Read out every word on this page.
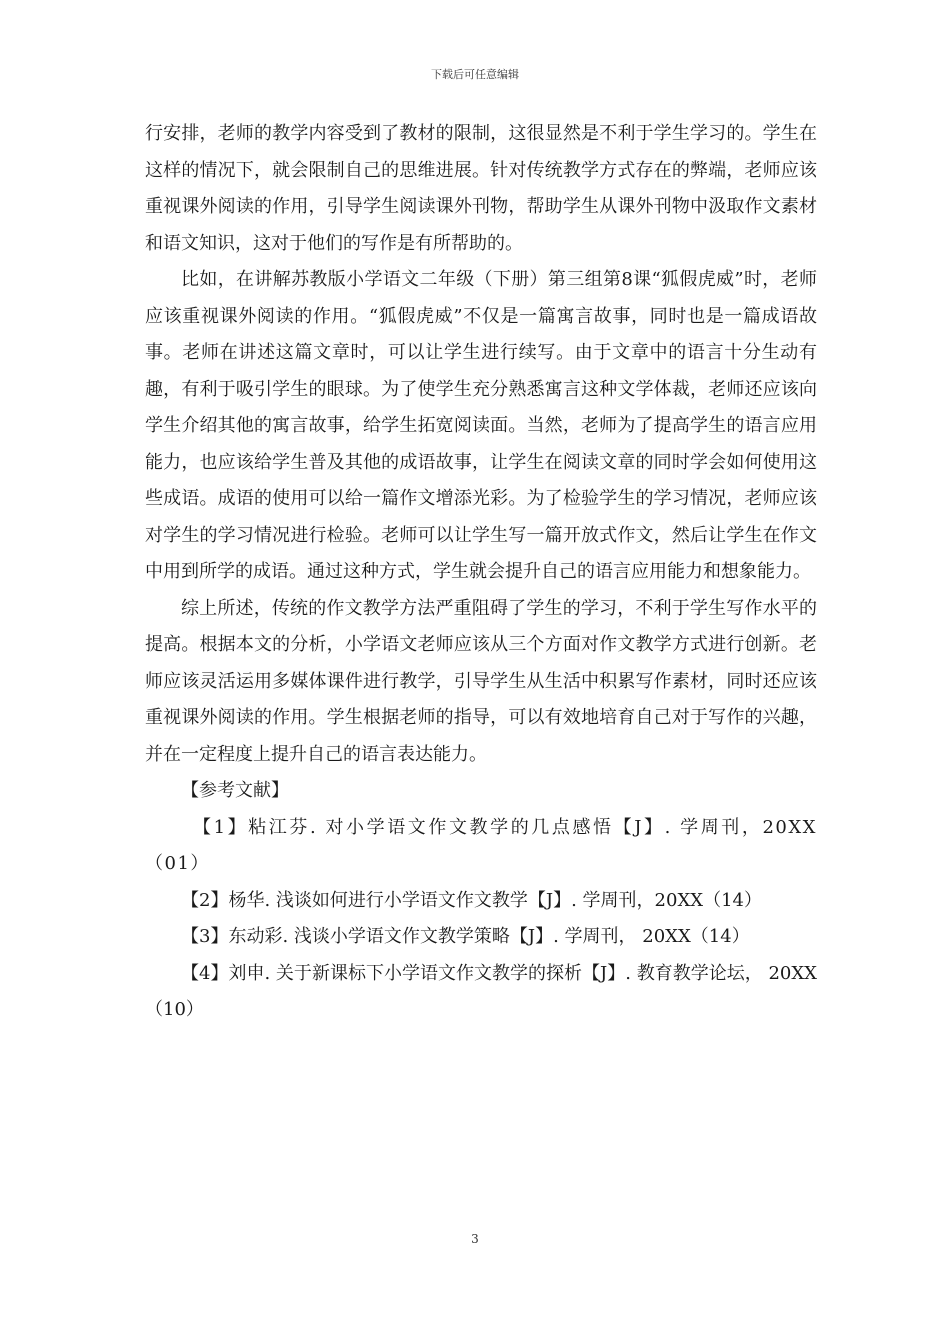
下载后可任意编辑

行安排，老师的教学内容受到了教材的限制，这很显然是不利于学生学习的。学生在这样的情况下，就会限制自己的思维进展。针对传统教学方式存在的弊端，老师应该重视课外阅读的作用，引导学生阅读课外刊物，帮助学生从课外刊物中汲取作文素材和语文知识，这对于他们的写作是有所帮助的。

比如，在讲解苏教版小学语文二年级（下册）第三组第8课“狐假虎威”时，老师应该重视课外阅读的作用。“狐假虎威”不仅是一篇寓言故事，同时也是一篇成语故事。老师在讲述这篇文章时，可以让学生进行续写。由于文章中的语言十分生动有趣，有利于吸引学生的眼球。为了使学生充分熟悉寓言这种文学体裁，老师还应该向学生介绍其他的寓言故事，给学生拓宽阅读面。当然，老师为了提高学生的语言应用能力，也应该给学生普及其他的成语故事，让学生在阅读文章的同时学会如何使用这些成语。成语的使用可以给一篇作文增添光彩。为了检验学生的学习情况，老师应该对学生的学习情况进行检验。老师可以让学生写一篇开放式作文，然后让学生在作文中用到所学的成语。通过这种方式，学生就会提升自己的语言应用能力和想象能力。

综上所述，传统的作文教学方法严重阻碍了学生的学习，不利于学生写作水平的提高。根据本文的分析，小学语文老师应该从三个方面对作文教学方式进行创新。老师应该灵活运用多媒体课件进行教学，引导学生从生活中积累写作素材，同时还应该重视课外阅读的作用。学生根据老师的指导，可以有效地培育自己对于写作的兴趣，并在一定程度上提升自己的语言表达能力。

【参考文献】

【1】粘江芬. 对小学语文作文教学的几点感悟【J】. 学周刊，20XX（01）

【2】杨华. 浅谈如何进行小学语文作文教学【J】. 学周刊，20XX（14）

【3】东动彩. 浅谈小学语文作文教学策略【J】. 学周刊， 20XX（14）

【4】刘申. 关于新课标下小学语文作文教学的探析【J】. 教育教学论坛， 20XX（10）

3
